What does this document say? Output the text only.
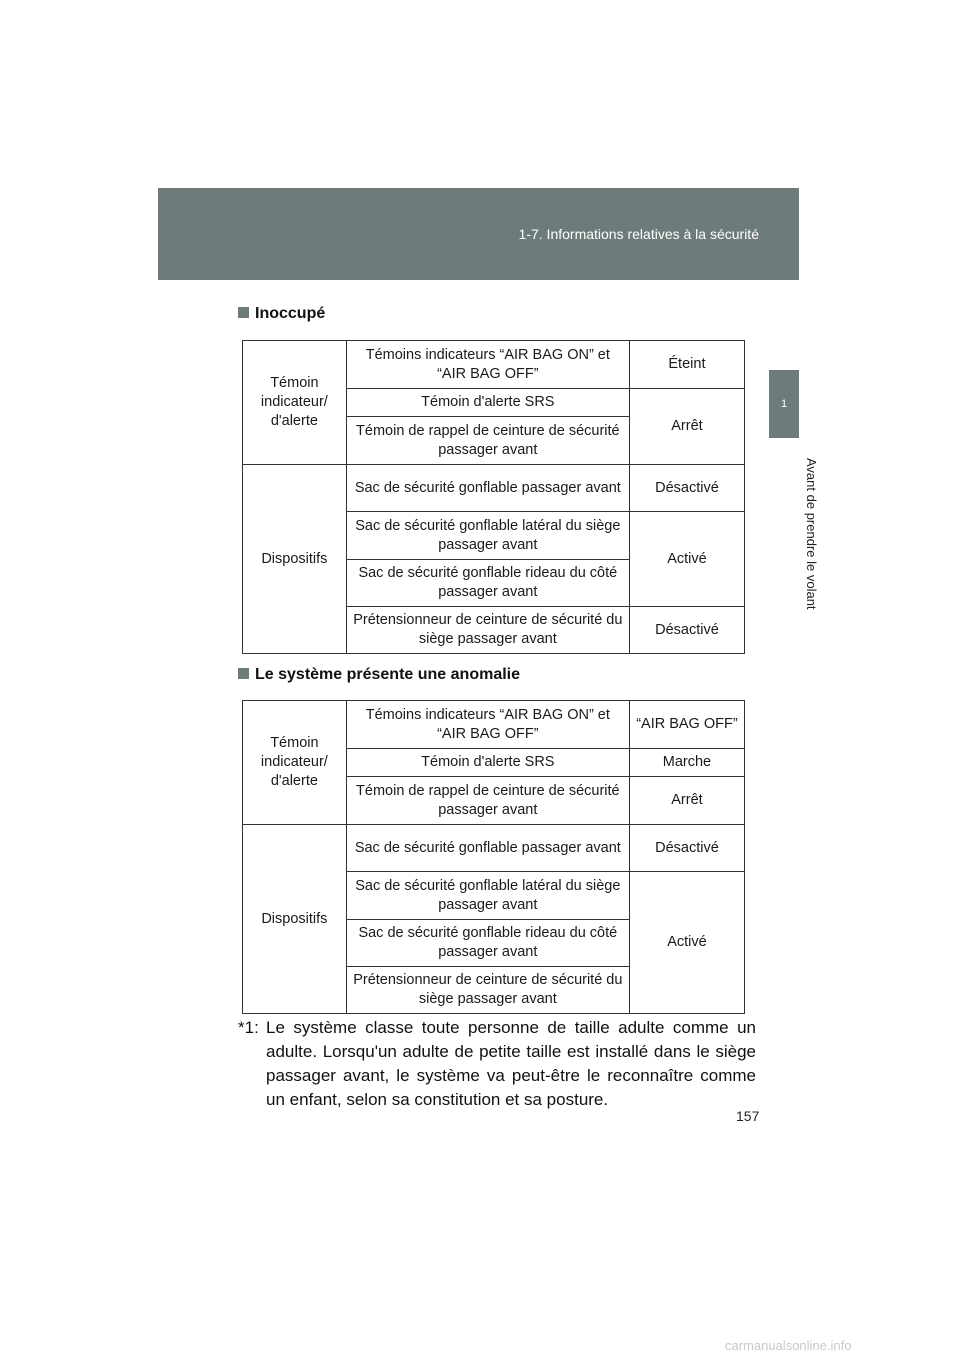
1-7. Informations relatives à la sécurité
1
Avant de prendre le volant
Inoccupé
Témoin indicateur/ d'alerte	Témoins indicateurs “AIR BAG ON” et “AIR BAG OFF”	Éteint
	Témoin d'alerte SRS	Arrêt
	Témoin de rappel de ceinture de sécurité passager avant	
Dispositifs	Sac de sécurité gonflable passager avant	Désactivé
	Sac de sécurité gonflable latéral du siège passager avant	Activé
	Sac de sécurité gonflable rideau du côté passager avant	
	Prétensionneur de ceinture de sécurité du siège passager avant	Désactivé
Le système présente une anomalie
Témoin indicateur/ d'alerte	Témoins indicateurs “AIR BAG ON” et “AIR BAG OFF”	“AIR BAG OFF”
	Témoin d'alerte SRS	Marche
	Témoin de rappel de ceinture de sécurité passager avant	Arrêt
Dispositifs	Sac de sécurité gonflable passager avant	Désactivé
	Sac de sécurité gonflable latéral du siège passager avant	Activé
	Sac de sécurité gonflable rideau du côté passager avant	
	Prétensionneur de ceinture de sécurité du siège passager avant	
*1: Le système classe toute personne de taille adulte comme un adulte. Lorsqu'un adulte de petite taille est installé dans le siège passager avant, le système va peut-être le reconnaître comme un enfant, selon sa constitution et sa posture.
157
carmanualsonline.info
